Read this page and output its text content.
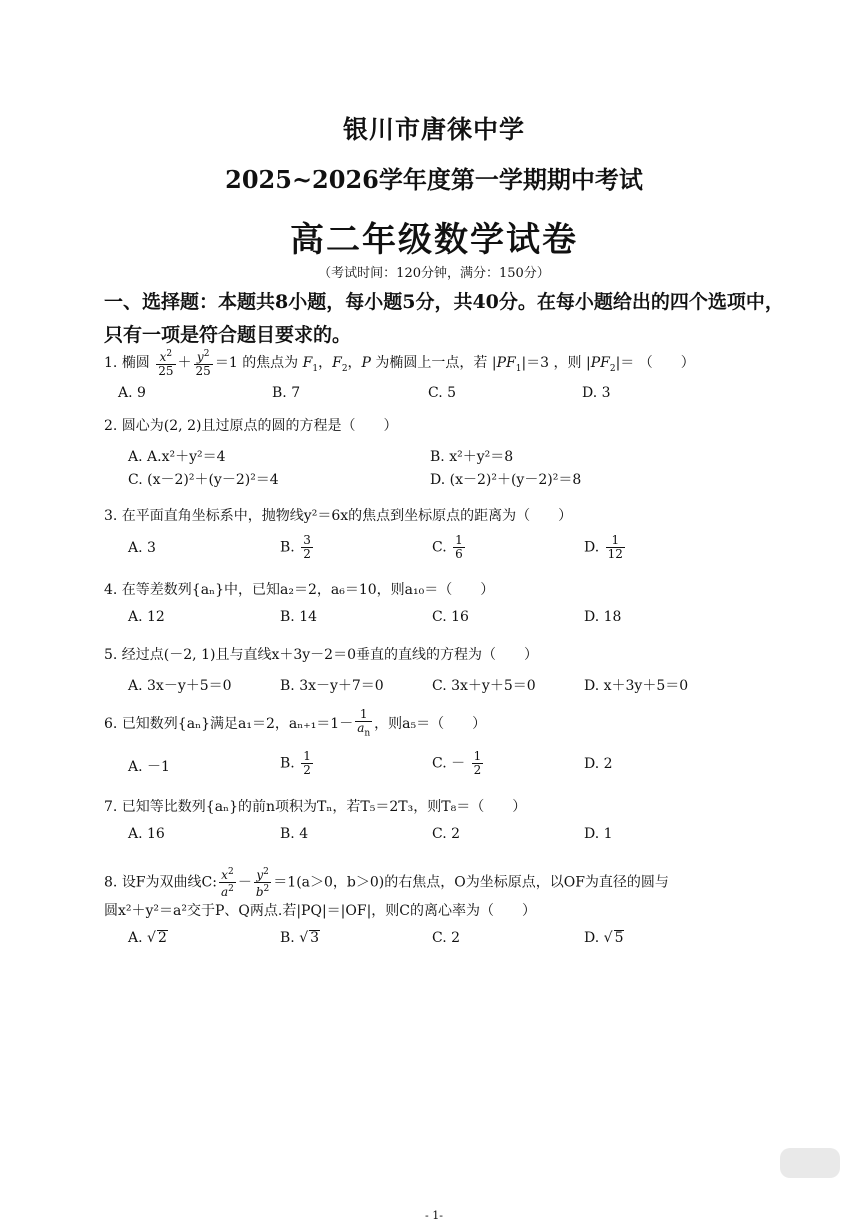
银川市唐徕中学
2025~2026学年度第一学期期中考试
高二年级数学试卷
（考试时间：120分钟，满分：150分）
一、选择题：本题共8小题，每小题5分，共40分。在每小题给出的四个选项中，只有一项是符合题目要求的。
1. 椭圆 $\frac{x^2}{25} + \frac{y^2}{25} =1$ 的焦点为 $F_1$，$F_2$，P 为椭圆上一点，若 $|PF_1|=3$ ，则 $|PF_2|=$ （　　）
A. 9	B. 7	C. 5	D. 3
2. 圆心为(2, 2)且过原点的圆的方程是（　　）
A. A.x²＋y²＝4	B. x²＋y²＝8
C. (x－2)²＋(y－2)²＝4	D. (x－2)²＋(y－2)²＝8
3. 在平面直角坐标系中，抛物线y²＝6x的焦点到坐标原点的距离为（　　）
A. 3	B. $\frac{3}{2}$	C. $\frac{1}{6}$	D. $\frac{1}{12}$
4. 在等差数列{aₙ}中，已知a₂＝2，a₆＝10，则a₁₀＝（　　）
A. 12	B. 14	C. 16	D. 18
5. 经过点(－2, 1)且与直线x＋3y－2＝0垂直的直线的方程为（　　）
A. 3x－y＋5＝0	B. 3x－y＋7＝0	C. 3x＋y＋5＝0	D. x＋3y＋5＝0
6. 已知数列{aₙ}满足a₁＝2，$a_{n+1}=1- \frac{1}{a_n}$ ，则a₅＝（　　）
A. －1	B. $\frac{1}{2}$	C. － $\frac{1}{2}$	D. 2
7. 已知等比数列{aₙ}的前n项积为Tₙ，若T₅＝2T₃，则T₈＝（　　）
A. 16	B. 4	C. 2	D. 1
8. 设F为双曲线C: $\frac{x^2}{a^2} - \frac{y^2}{b^2} =1(a>0$，b＞0)的右焦点，O为坐标原点，以OF为直径的圆与
圆x²＋y²＝a²交于P、Q两点.若|PQ|＝|OF|，则C的离心率为（　　）
A. √ 2	B. √ 3	C. 2	D. √ 5
- 1-
